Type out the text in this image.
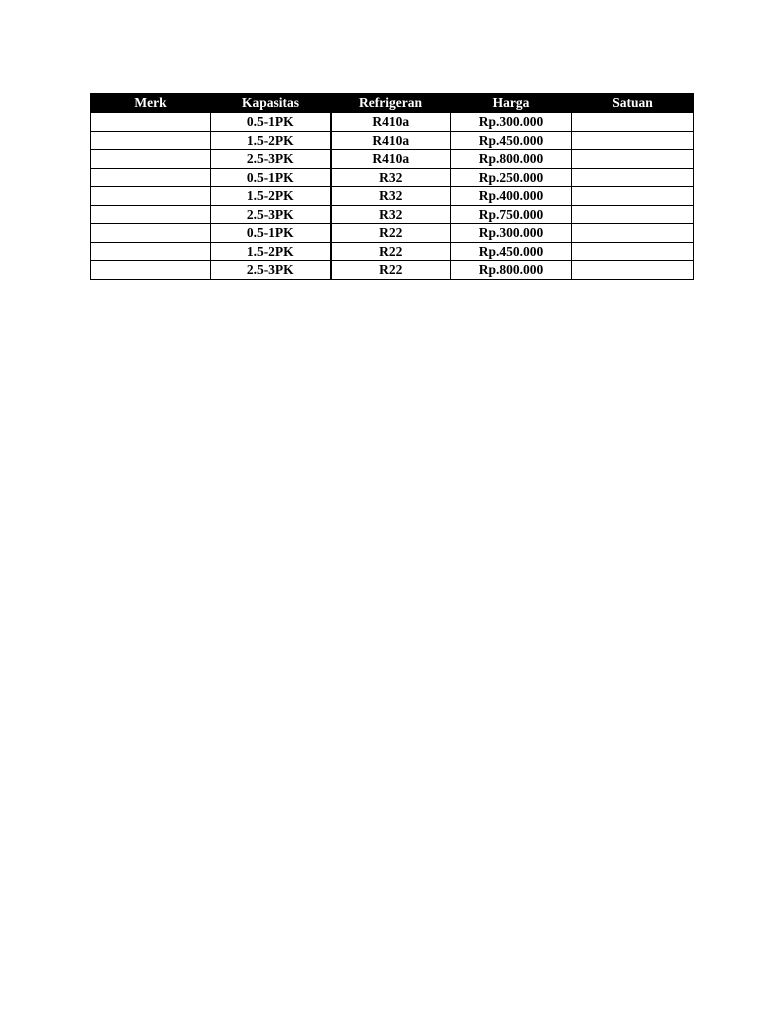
Merk	Kapasitas	Refrigeran	Harga	Satuan
	0.5-1PK	R410a	Rp.300.000	
	1.5-2PK	R410a	Rp.450.000	
	2.5-3PK	R410a	Rp.800.000	
	0.5-1PK	R32	Rp.250.000	
	1.5-2PK	R32	Rp.400.000	
	2.5-3PK	R32	Rp.750.000	
	0.5-1PK	R22	Rp.300.000	
	1.5-2PK	R22	Rp.450.000	
	2.5-3PK	R22	Rp.800.000	
